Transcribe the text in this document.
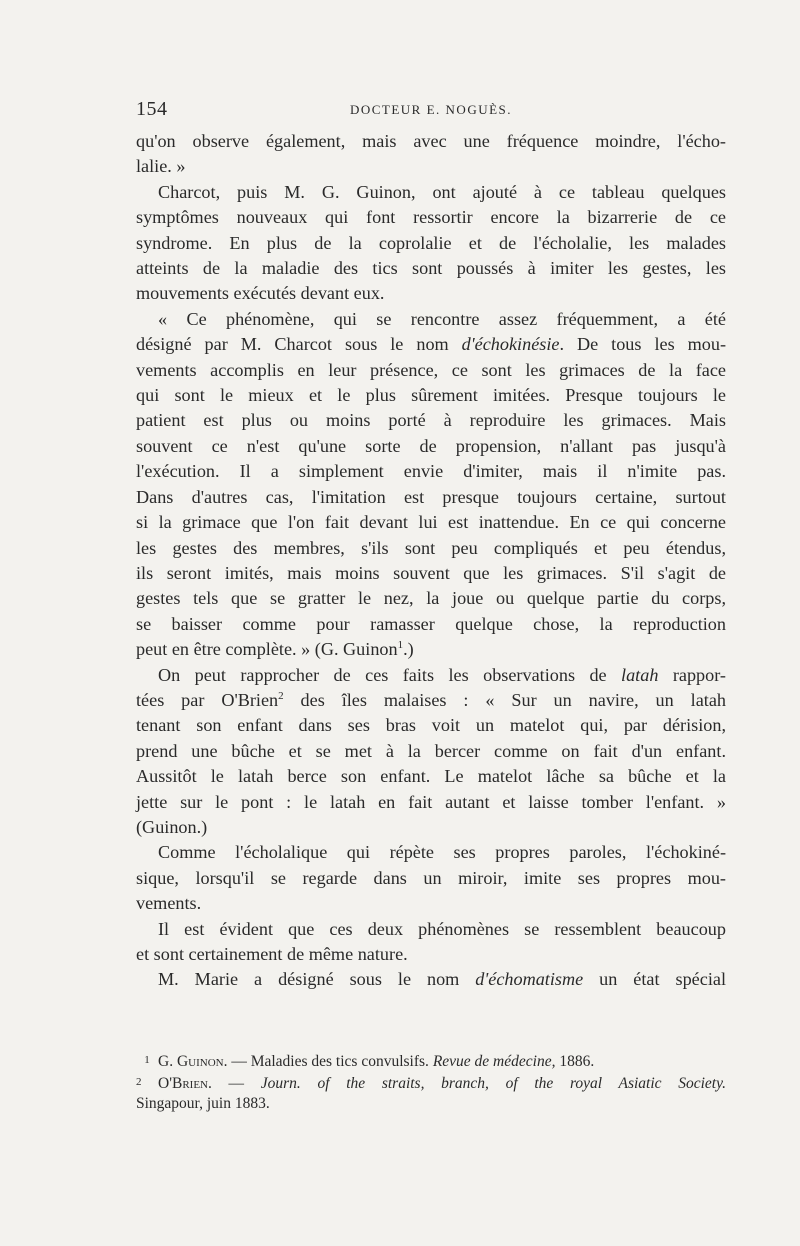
154	DOCTEUR E. NOGUÈS.

qu'on observe également, mais avec une fréquence moindre, l'écho-
lalie. »

Charcot, puis M. G. Guinon, ont ajouté à ce tableau quelques
symptômes nouveaux qui font ressortir encore la bizarrerie de ce
syndrome. En plus de la coprolalie et de l'écholalie, les malades
atteints de la maladie des tics sont poussés à imiter les gestes, les
mouvements exécutés devant eux.

« Ce phénomène, qui se rencontre assez fréquemment, a été
désigné par M. Charcot sous le nom d'échokinésie. De tous les mou-
vements accomplis en leur présence, ce sont les grimaces de la face
qui sont le mieux et le plus sûrement imitées. Presque toujours le
patient est plus ou moins porté à reproduire les grimaces. Mais
souvent ce n'est qu'une sorte de propension, n'allant pas jusqu'à
l'exécution. Il a simplement envie d'imiter, mais il n'imite pas.
Dans d'autres cas, l'imitation est presque toujours certaine, surtout
si la grimace que l'on fait devant lui est inattendue. En ce qui concerne
les gestes des membres, s'ils sont peu compliqués et peu étendus,
ils seront imités, mais moins souvent que les grimaces. S'il s'agit de
gestes tels que se gratter le nez, la joue ou quelque partie du corps,
se baisser comme pour ramasser quelque chose, la reproduction
peut en être complète. » (G. Guinon$^1$.)

On peut rapprocher de ces faits les observations de latah rappor-
tées par O'Brien$^2$ des îles malaises : « Sur un navire, un latah
tenant son enfant dans ses bras voit un matelot qui, par dérision,
prend une bûche et se met à la bercer comme on fait d'un enfant.
Aussitôt le latah berce son enfant. Le matelot lâche sa bûche et la
jette sur le pont : le latah en fait autant et laisse tomber l'enfant. »
(Guinon.)

Comme l'écholalique qui répète ses propres paroles, l'échokiné-
sique, lorsqu'il se regarde dans un miroir, imite ses propres mou-
vements.

Il est évident que ces deux phénomènes se ressemblent beaucoup
et sont certainement de même nature.

M. Marie a désigné sous le nom d'échomatisme un état spécial

1 G. Guinon. — Maladies des tics convulsifs. Revue de médecine, 1886.

2 O'Brien. — Journ. of the straits, branch, of the royal Asiatic Society.
Singapour, juin 1883.
